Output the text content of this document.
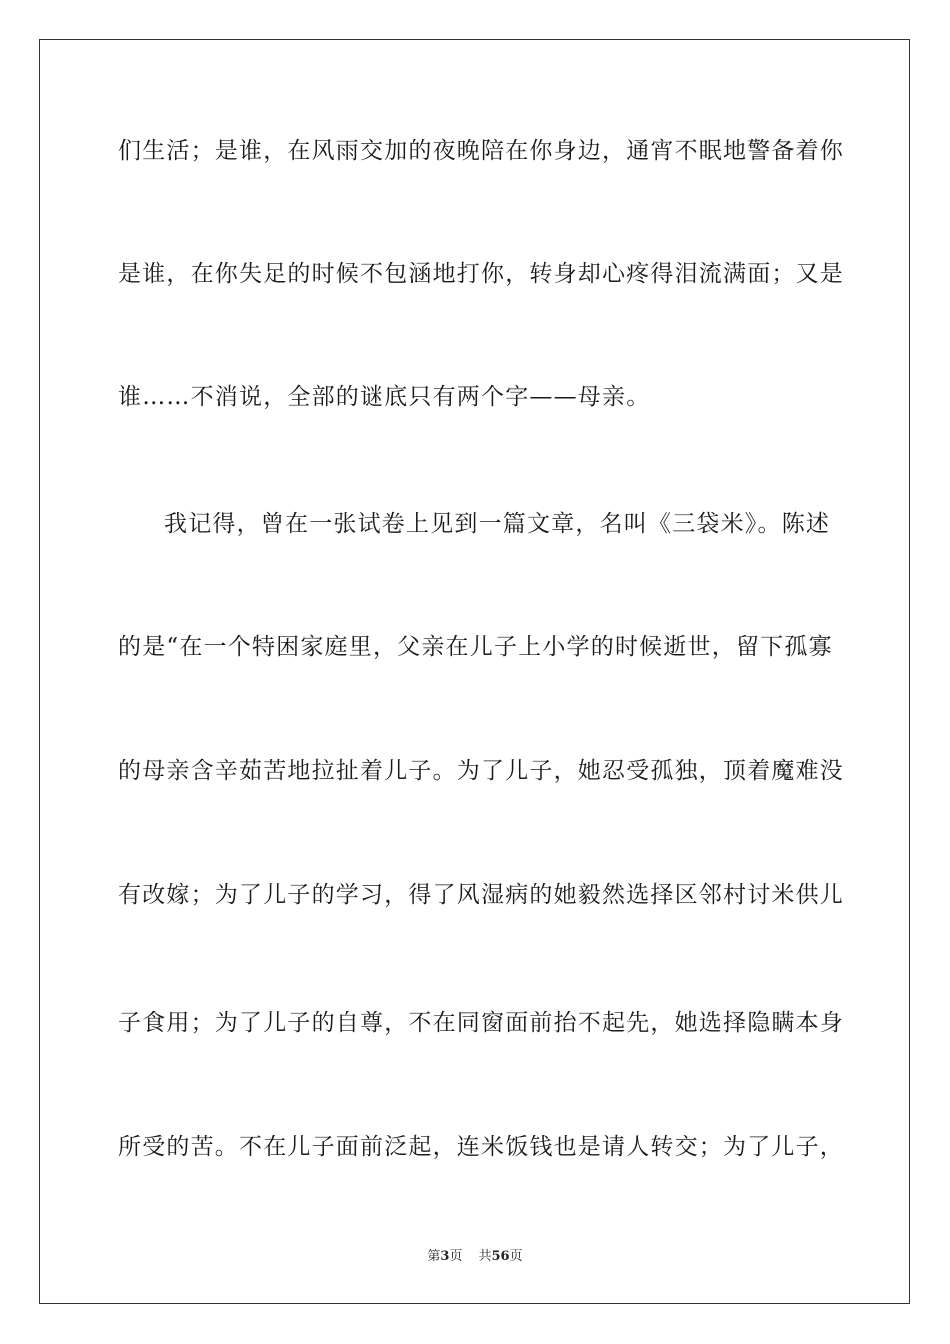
们生活；是谁，在风雨交加的夜晚陪在你身边，通宵不眠地警备着你
是谁，在你失足的时候不包涵地打你，转身却心疼得泪流满面；又是
谁……不消说，全部的谜底只有两个字——母亲。
我记得，曾在一张试卷上见到一篇文章，名叫《三袋米》。陈述
的是“在一个特困家庭里，父亲在儿子上小学的时候逝世，留下孤寡
的母亲含辛茹苦地拉扯着儿子。为了儿子，她忍受孤独，顶着魔难没
有改嫁；为了儿子的学习，得了风湿病的她毅然选择区邻村讨米供儿
子食用；为了儿子的自尊，不在同窗面前抬不起先，她选择隐瞒本身
所受的苦。不在儿子面前泛起，连米饭钱也是请人转交；为了儿子，
第3页 共56页
